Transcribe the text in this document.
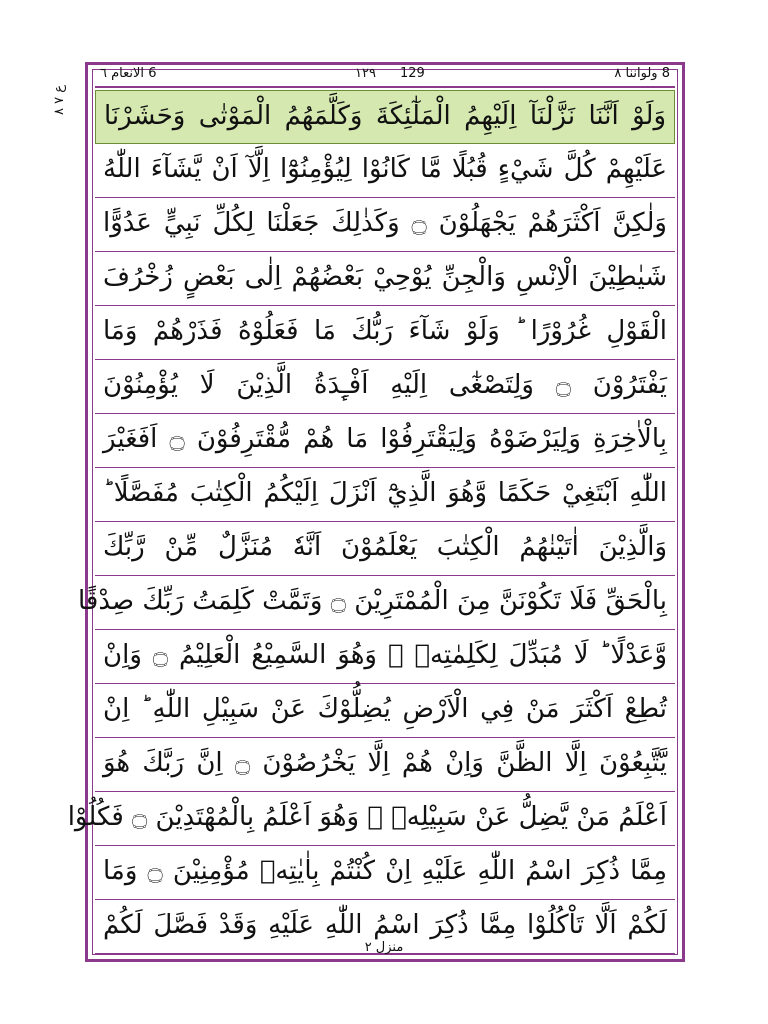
8 ولواننا ٨
١٢٩ 129
6 الانعام ٦
ع ٧ ٨
وَلَوْ اَنَّنَا نَزَّلْنَآ اِلَيْهِمُ الْمَلٰٓئِكَةَ وَكَلَّمَهُمُ الْمَوْتٰى وَحَشَرْنَا
عَلَيْهِمْ كُلَّ شَيْءٍ قُبُلًا مَّا كَانُوْا لِيُؤْمِنُوْٓا اِلَّآ اَنْ يَّشَآءَ اللّٰهُ
وَلٰكِنَّ اَكْثَرَهُمْ يَجْهَلُوْنَ ۝ وَكَذٰلِكَ جَعَلْنَا لِكُلِّ نَبِيٍّ عَدُوًّا
شَيٰطِيْنَ الْاِنْسِ وَالْجِنِّ يُوْحِيْ بَعْضُهُمْ اِلٰى بَعْضٍ زُخْرُفَ
الْقَوْلِ غُرُوْرًا ؕ وَلَوْ شَآءَ رَبُّكَ مَا فَعَلُوْهُ فَذَرْهُمْ وَمَا
يَفْتَرُوْنَ ۝ وَلِتَصْغٰٓى اِلَيْهِ اَفْـِٕدَةُ الَّذِيْنَ لَا يُؤْمِنُوْنَ
بِالْاٰخِرَةِ وَلِيَرْضَوْهُ وَلِيَقْتَرِفُوْا مَا هُمْ مُّقْتَرِفُوْنَ ۝ اَفَغَيْرَ
اللّٰهِ اَبْتَغِيْ حَكَمًا وَّهُوَ الَّذِيْٓ اَنْزَلَ اِلَيْكُمُ الْكِتٰبَ مُفَصَّلًا ؕ
وَالَّذِيْنَ اٰتَيْنٰهُمُ الْكِتٰبَ يَعْلَمُوْنَ اَنَّهٗ مُنَزَّلٌ مِّنْ رَّبِّكَ
بِالْحَقِّ فَلَا تَكُوْنَنَّ مِنَ الْمُمْتَرِيْنَ ۝ وَتَمَّتْ كَلِمَتُ رَبِّكَ صِدْقًا
وَّعَدْلًا ؕ لَا مُبَدِّلَ لِكَلِمٰتِهٖ ۚ وَهُوَ السَّمِيْعُ الْعَلِيْمُ ۝ وَاِنْ
تُطِعْ اَكْثَرَ مَنْ فِي الْاَرْضِ يُضِلُّوْكَ عَنْ سَبِيْلِ اللّٰهِ ؕ اِنْ
يَّتَّبِعُوْنَ اِلَّا الظَّنَّ وَاِنْ هُمْ اِلَّا يَخْرُصُوْنَ ۝ اِنَّ رَبَّكَ هُوَ
اَعْلَمُ مَنْ يَّضِلُّ عَنْ سَبِيْلِهٖ ۚ وَهُوَ اَعْلَمُ بِالْمُهْتَدِيْنَ ۝ فَكُلُوْا
مِمَّا ذُكِرَ اسْمُ اللّٰهِ عَلَيْهِ اِنْ كُنْتُمْ بِاٰيٰتِهٖ مُؤْمِنِيْنَ ۝ وَمَا
لَكُمْ اَلَّا تَاْكُلُوْا مِمَّا ذُكِرَ اسْمُ اللّٰهِ عَلَيْهِ وَقَدْ فَصَّلَ لَكُمْ
منزل ٢
